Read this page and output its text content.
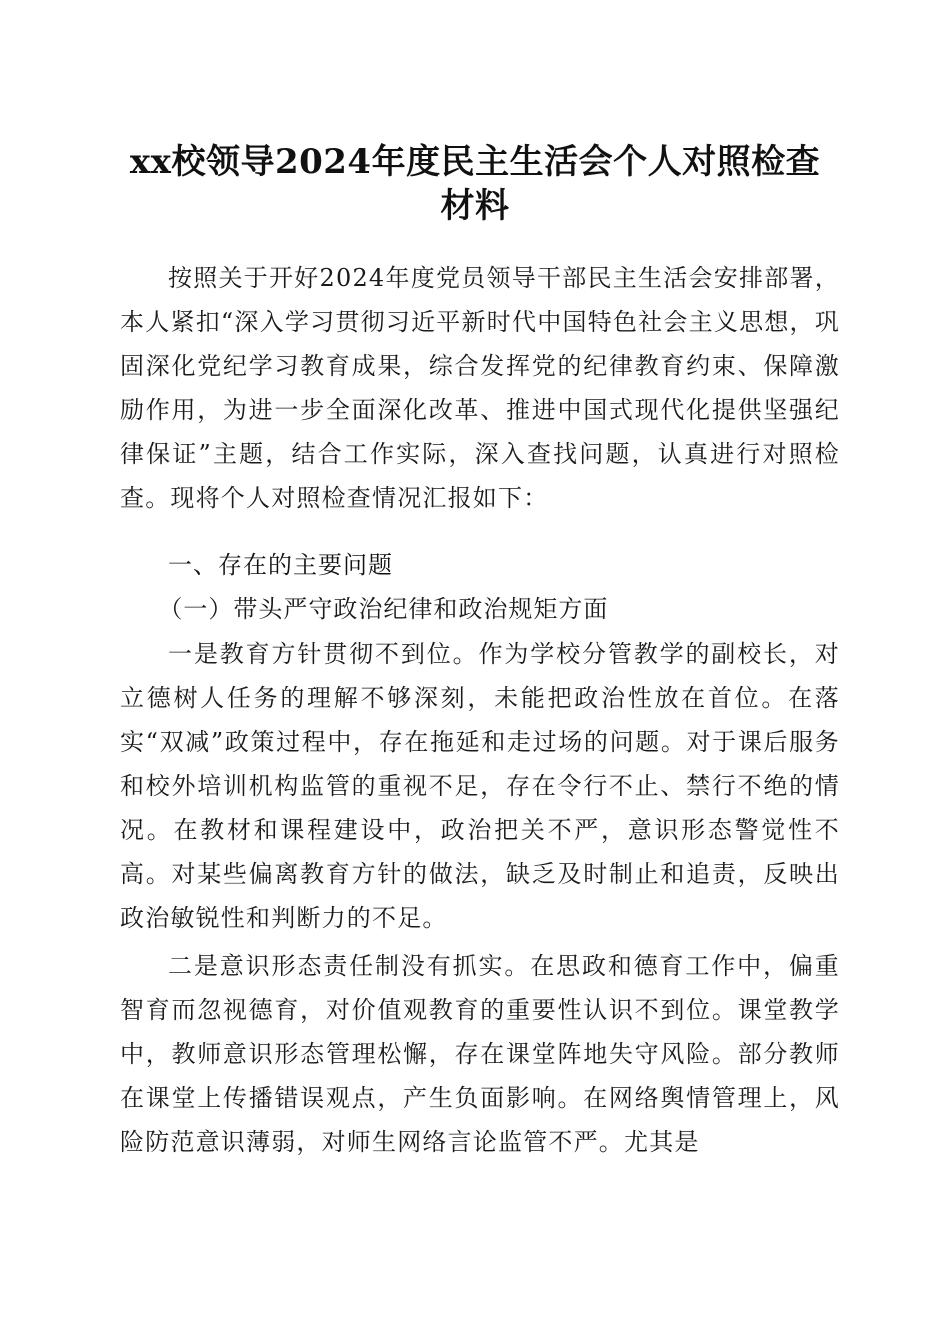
xx校领导2024年度民主生活会个人对照检查
材料

按照关于开好2024年度党员领导干部民主生活会安排部署，本人紧扣“深入学习贯彻习近平新时代中国特色社会主义思想，巩固深化党纪学习教育成果，综合发挥党的纪律教育约束、保障激励作用，为进一步全面深化改革、推进中国式现代化提供坚强纪律保证”主题，结合工作实际，深入查找问题，认真进行对照检查。现将个人对照检查情况汇报如下：

一、存在的主要问题

（一）带头严守政治纪律和政治规矩方面

一是教育方针贯彻不到位。作为学校分管教学的副校长，对立德树人任务的理解不够深刻，未能把政治性放在首位。在落实“双减”政策过程中，存在拖延和走过场的问题。对于课后服务和校外培训机构监管的重视不足，存在令行不止、禁行不绝的情况。在教材和课程建设中，政治把关不严，意识形态警觉性不高。对某些偏离教育方针的做法，缺乏及时制止和追责，反映出政治敏锐性和判断力的不足。

二是意识形态责任制没有抓实。在思政和德育工作中，偏重智育而忽视德育，对价值观教育的重要性认识不到位。课堂教学中，教师意识形态管理松懈，存在课堂阵地失守风险。部分教师在课堂上传播错误观点，产生负面影响。在网络舆情管理上，风险防范意识薄弱，对师生网络言论监管不严。尤其是
